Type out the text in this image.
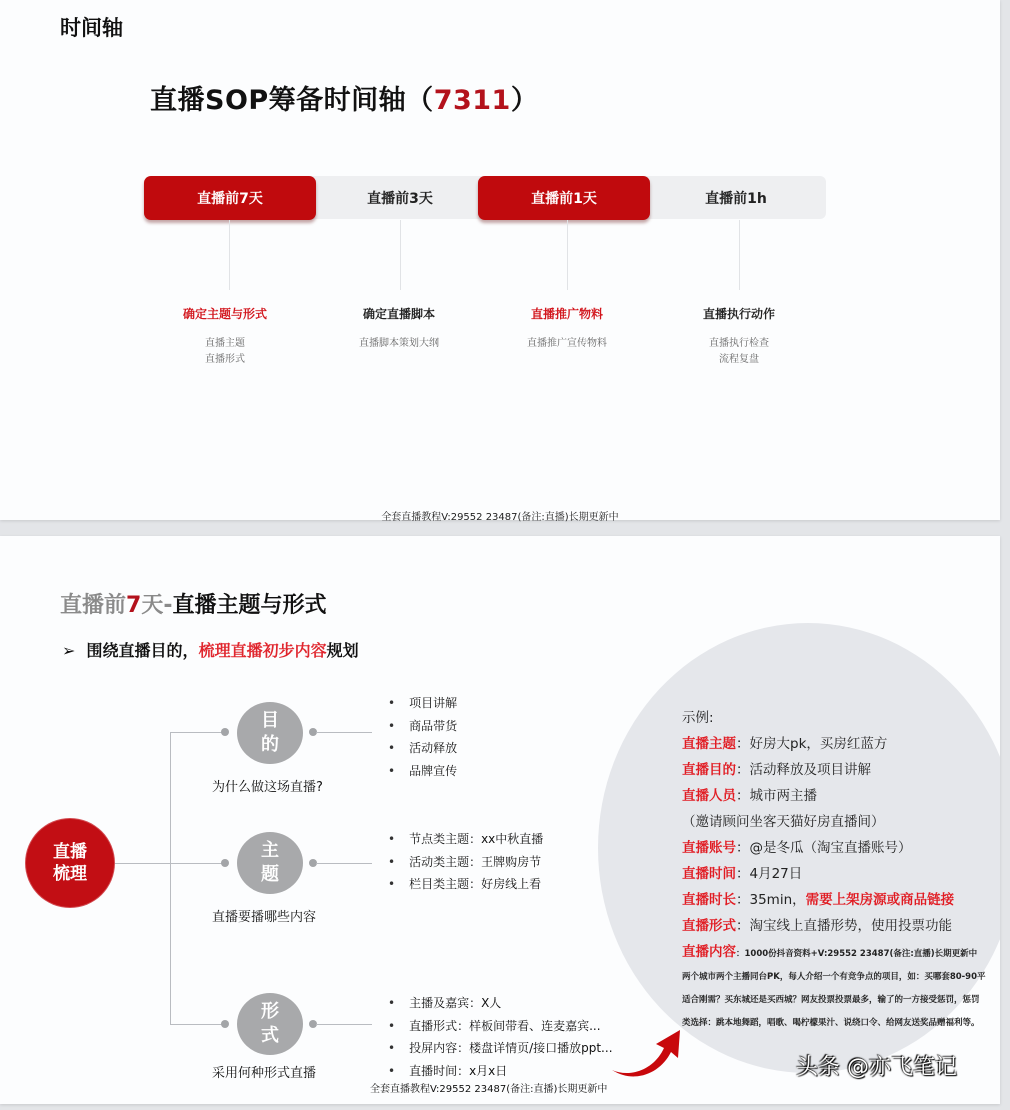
时间轴
直播SOP筹备时间轴（7311）
直播前7天	直播前3天	直播前1天	直播前1h
确定主题与形式
直播主题
直播形式
确定直播脚本
直播脚本策划大纲
直播推广物料
直播推广宣传物料
直播执行动作
直播执行检查
流程复盘
全套直播教程V:29552 23487(备注:直播)长期更新中
直播前7天-直播主题与形式
➢ 围绕直播目的，梳理直播初步内容规划
直播
梳理
目
的
为什么做这场直播?
• 项目讲解
• 商品带货
• 活动释放
• 品牌宣传
主
题
直播要播哪些内容
• 节点类主题：xx中秋直播
• 活动类主题：王牌购房节
• 栏目类主题：好房线上看
形
式
采用何种形式直播
• 主播及嘉宾：X人
• 直播形式：样板间带看、连麦嘉宾...
• 投屏内容：楼盘详情页/接口播放ppt...
• 直播时间：x月x日
全套直播教程V:29552 23487(备注:直播)长期更新中
示例:
直播主题：好房大pk，买房红蓝方
直播目的：活动释放及项目讲解
直播人员：城市两主播
（邀请顾问坐客天猫好房直播间）
直播账号：@是冬瓜（淘宝直播账号）
直播时间：4月27日
直播时长：35min，需要上架房源或商品链接
直播形式：淘宝线上直播形势，使用投票功能
直播内容：1000份抖音资料+V:29552 23487(备注:直播)长期更新中 两个城市两个主播同台PK，每人介绍一个有竞争点的项目，如：买哪套80-90平适合刚需？买东城还是买西城？网友投票投票最多，输了的一方接受惩罚，惩罚类选择：跳本地舞蹈，唱歌、喝柠檬果汁、说绕口令、给网友送奖品赠福利等。
头条 @亦飞笔记
